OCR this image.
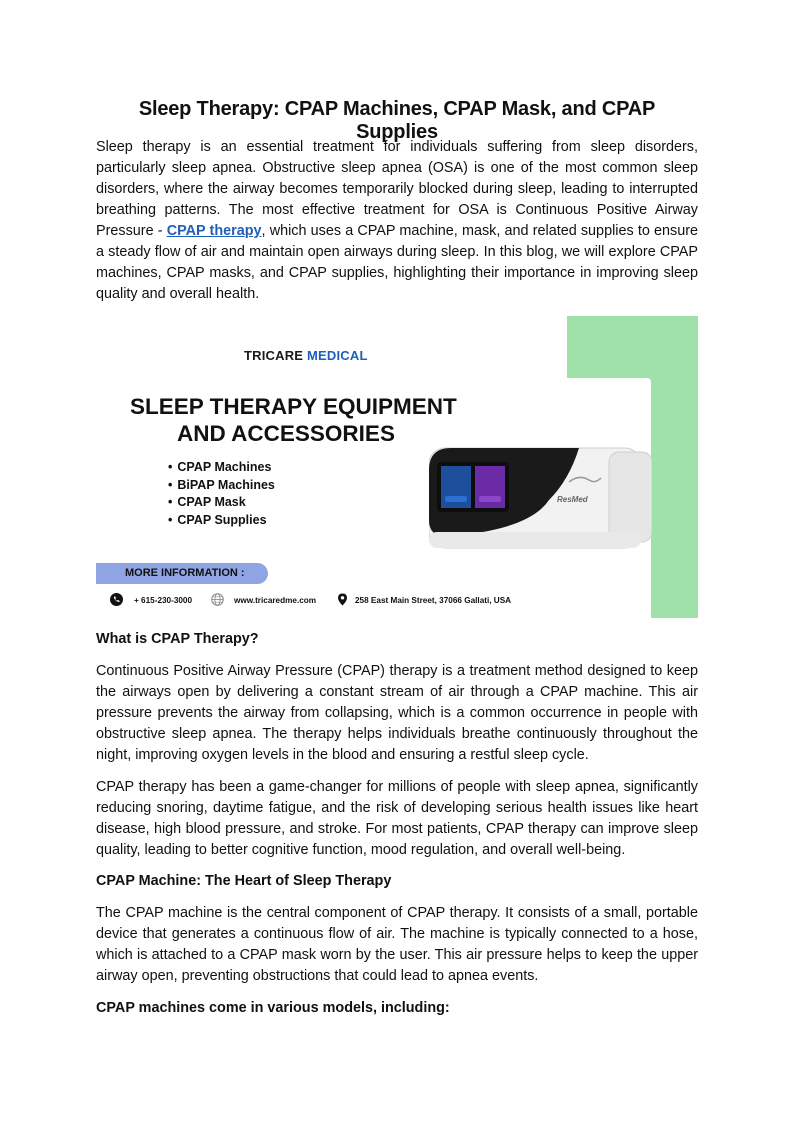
Sleep Therapy: CPAP Machines, CPAP Mask, and CPAP Supplies

Sleep therapy is an essential treatment for individuals suffering from sleep disorders, particularly sleep apnea. Obstructive sleep apnea (OSA) is one of the most common sleep disorders, where the airway becomes temporarily blocked during sleep, leading to interrupted breathing patterns. The most effective treatment for OSA is Continuous Positive Airway Pressure - CPAP therapy, which uses a CPAP machine, mask, and related supplies to ensure a steady flow of air and maintain open airways during sleep. In this blog, we will explore CPAP machines, CPAP masks, and CPAP supplies, highlighting their importance in improving sleep quality and overall health.

TRICARE MEDICAL
SLEEP THERAPY EQUIPMENT
AND ACCESSORIES
• CPAP Machines
• BiPAP Machines
• CPAP Mask
• CPAP Supplies
ResMed
MORE INFORMATION :
+ 615-230-3000	www.tricaredme.com	258 East Main Street, 37066 Gallati, USA

What is CPAP Therapy?

Continuous Positive Airway Pressure (CPAP) therapy is a treatment method designed to keep the airways open by delivering a constant stream of air through a CPAP machine. This air pressure prevents the airway from collapsing, which is a common occurrence in people with obstructive sleep apnea. The therapy helps individuals breathe continuously throughout the night, improving oxygen levels in the blood and ensuring a restful sleep cycle.

CPAP therapy has been a game-changer for millions of people with sleep apnea, significantly reducing snoring, daytime fatigue, and the risk of developing serious health issues like heart disease, high blood pressure, and stroke. For most patients, CPAP therapy can improve sleep quality, leading to better cognitive function, mood regulation, and overall well-being.

CPAP Machine: The Heart of Sleep Therapy

The CPAP machine is the central component of CPAP therapy. It consists of a small, portable device that generates a continuous flow of air. The machine is typically connected to a hose, which is attached to a CPAP mask worn by the user. This air pressure helps to keep the upper airway open, preventing obstructions that could lead to apnea events.

CPAP machines come in various models, including:
